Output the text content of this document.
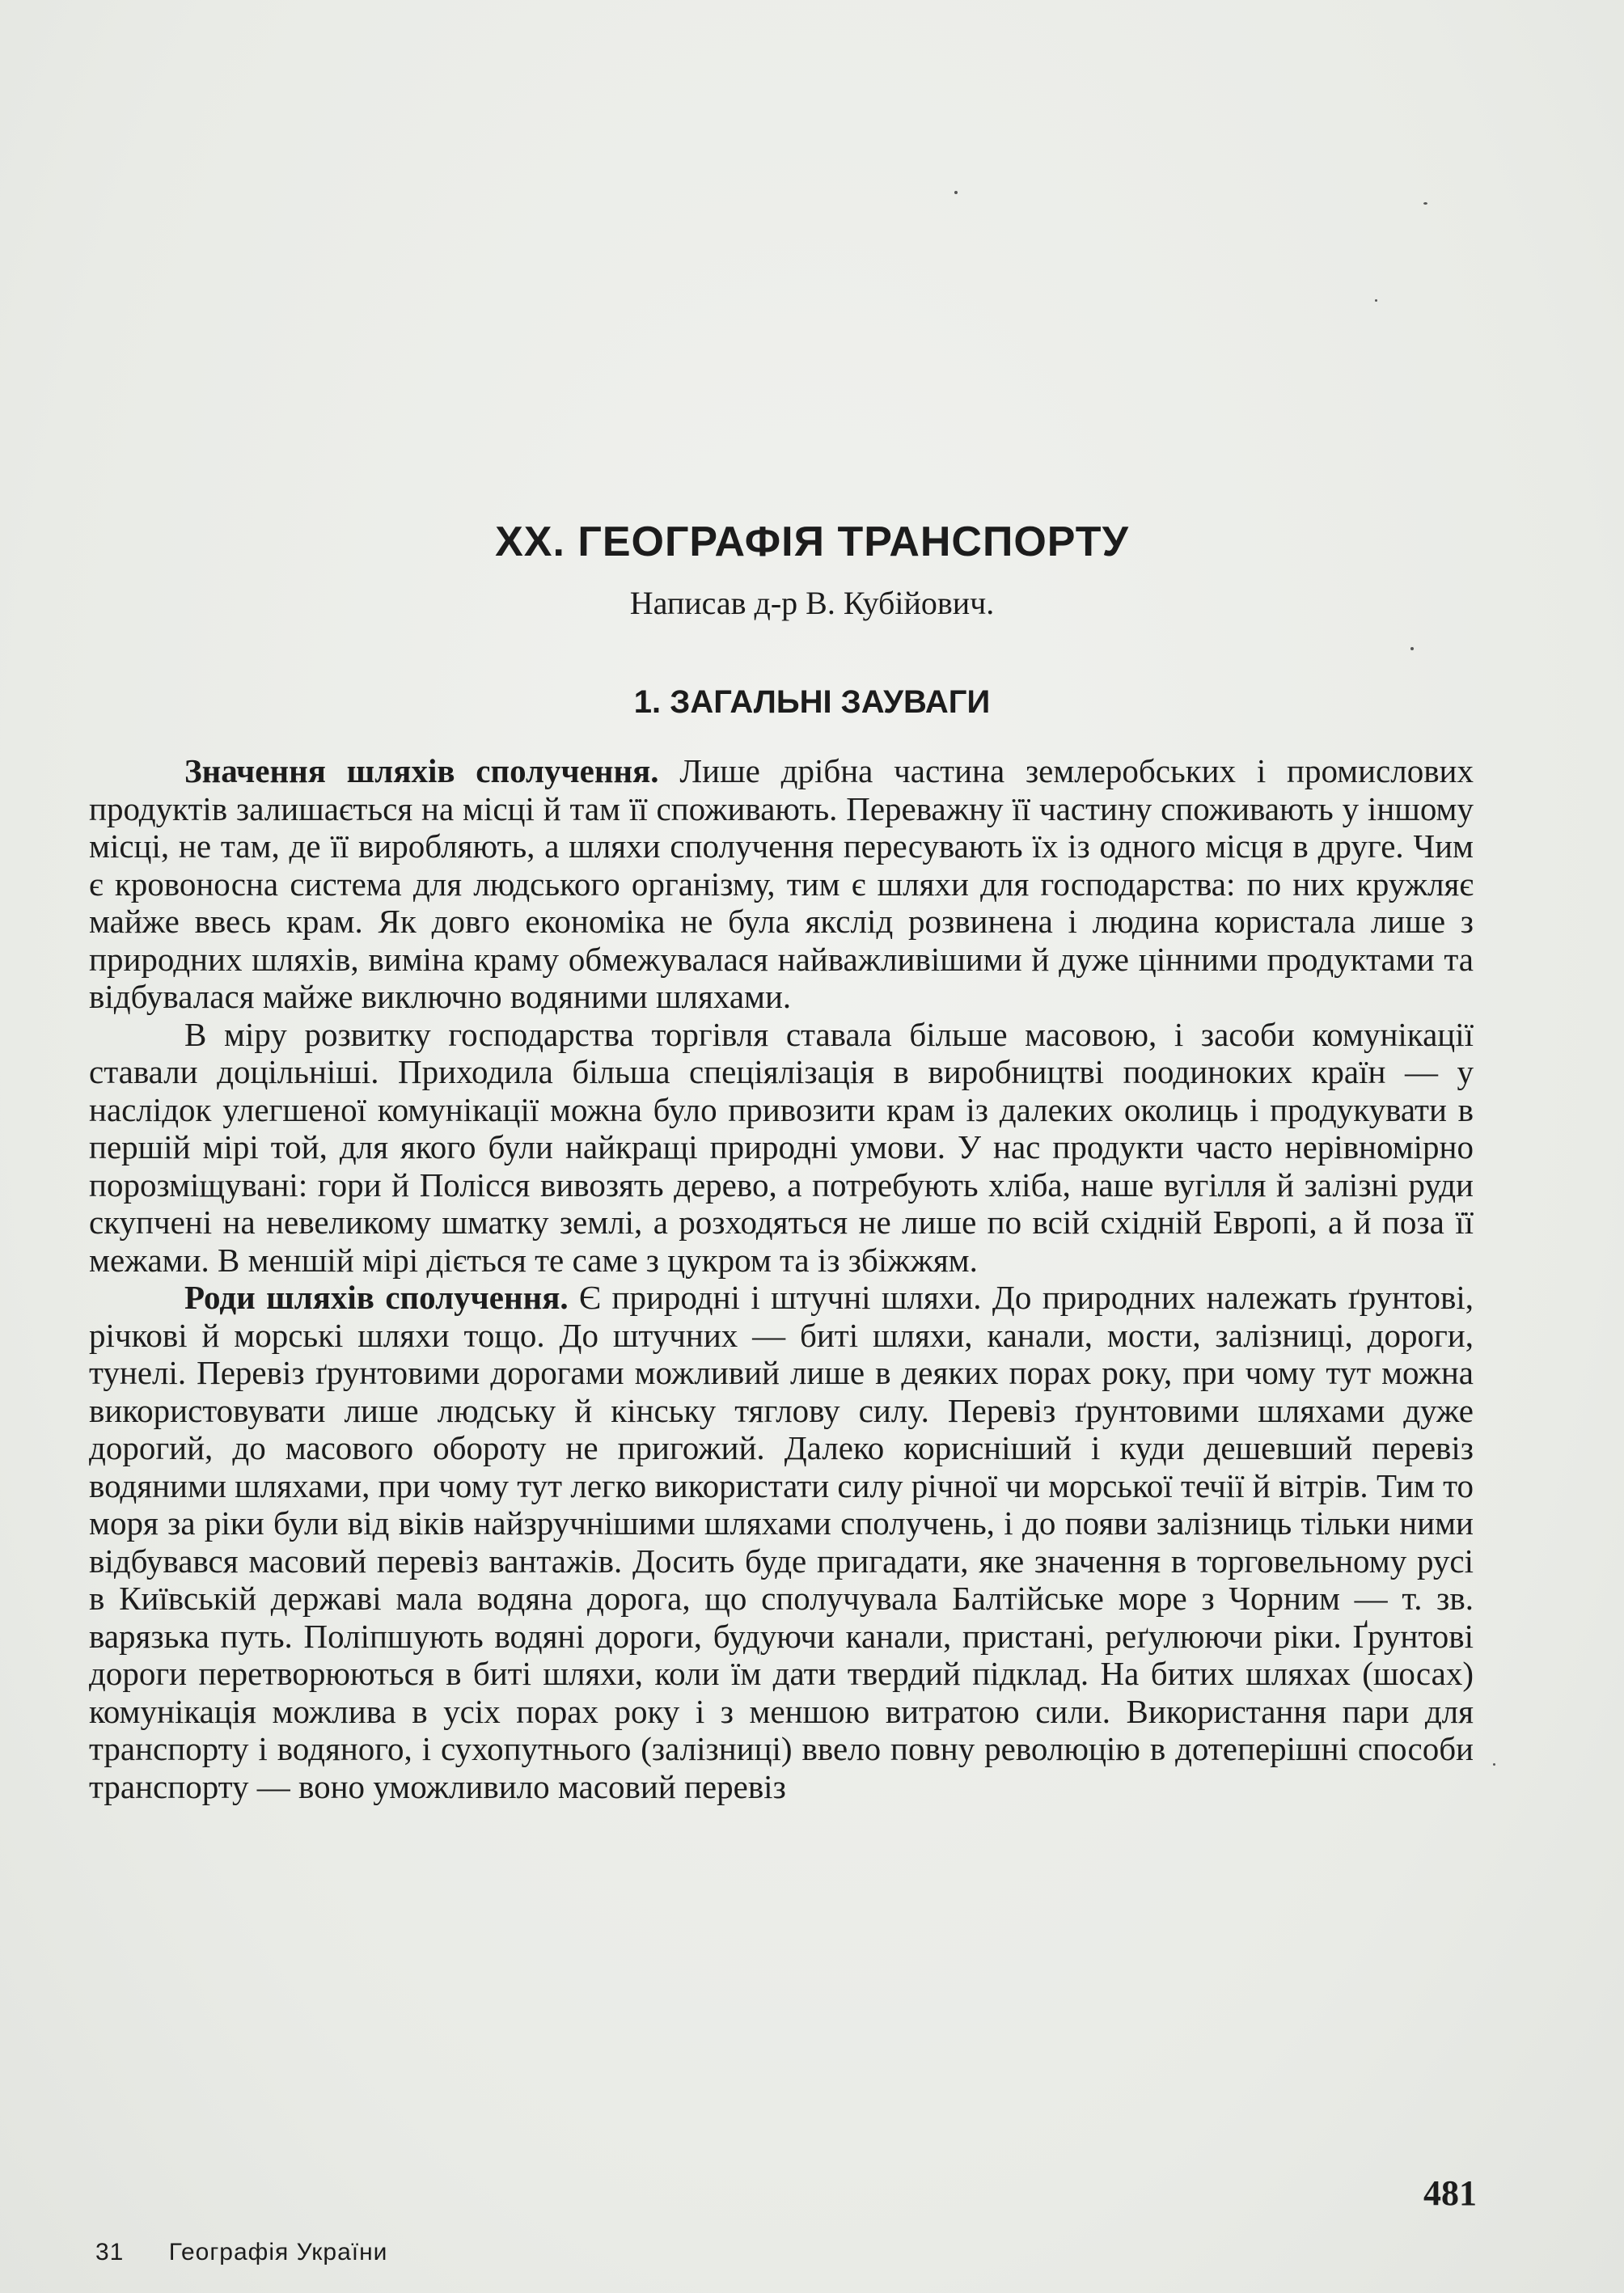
XX. ГЕОГРАФІЯ ТРАНСПОРТУ
Написав д-р В. Кубійович.
1. ЗАГАЛЬНІ ЗАУВАГИ

Значення шляхів сполучення. Лише дрібна частина землеробських і промислових продуктів залишається на місці й там її споживають. Переважну її частину споживають у іншому місці, не там, де її виробляють, а шляхи сполучення пересувають їх із одного місця в друге. Чим є кровоносна система для людського організму, тим є шляхи для господарства: по них кружляє майже ввесь крам. Як довго економіка не була якслід розвинена і людина користала лише з природних шляхів, виміна краму обмежувалася найважливішими й дуже цінними продуктами та відбувалася майже виключно водяними шляхами.

В міру розвитку господарства торгівля ставала більше масовою, і засоби комунікації ставали доцільніші. Приходила більша спеціялізація в виробництві поодиноких країн — у наслідок улегшеної комунікації можна було привозити крам із далеких околиць і продукувати в першій мірі той, для якого були найкращі природні умови. У нас продукти часто нерівномірно порозміщувані: гори й Полісся вивозять дерево, а потребують хліба, наше вугілля й залізні руди скупчені на невеликому шматку землі, а розходяться не лише по всій східній Европі, а й поза її межами. В меншій мірі діється те саме з цукром та із збіжжям.

Роди шляхів сполучення. Є природні і штучні шляхи. До природних належать ґрунтові, річкові й морські шляхи тощо. До штучних — биті шляхи, канали, мости, залізниці, дороги, тунелі. Перевіз ґрунтовими дорогами можливий лише в деяких порах року, при чому тут можна використовувати лише людську й кінську тяглову силу. Перевіз ґрунтовими шляхами дуже дорогий, до масового обороту не пригожий. Далеко корисніший і куди дешевший перевіз водяними шляхами, при чому тут легко використати силу річної чи морської течії й вітрів. Тим то моря за ріки були від віків найзручнішими шляхами сполучень, і до появи залізниць тільки ними відбувався масовий перевіз вантажів. Досить буде пригадати, яке значення в торговельному русі в Київській державі мала водяна дорога, що сполучувала Балтійське море з Чорним — т. зв. варязька путь. Поліпшують водяні дороги, будуючи канали, пристані, реґулюючи ріки. Ґрунтові дороги перетворюються в биті шляхи, коли їм дати твердий підклад. На битих шляхах (шосах) комунікація можлива в усіх порах року і з меншою витратою сили. Використання пари для транспорту і водяного, і сухопутнього (залізниці) ввело повну революцію в дотеперішні способи транспорту — воно уможливило масовий перевіз

481
31 Географія України
